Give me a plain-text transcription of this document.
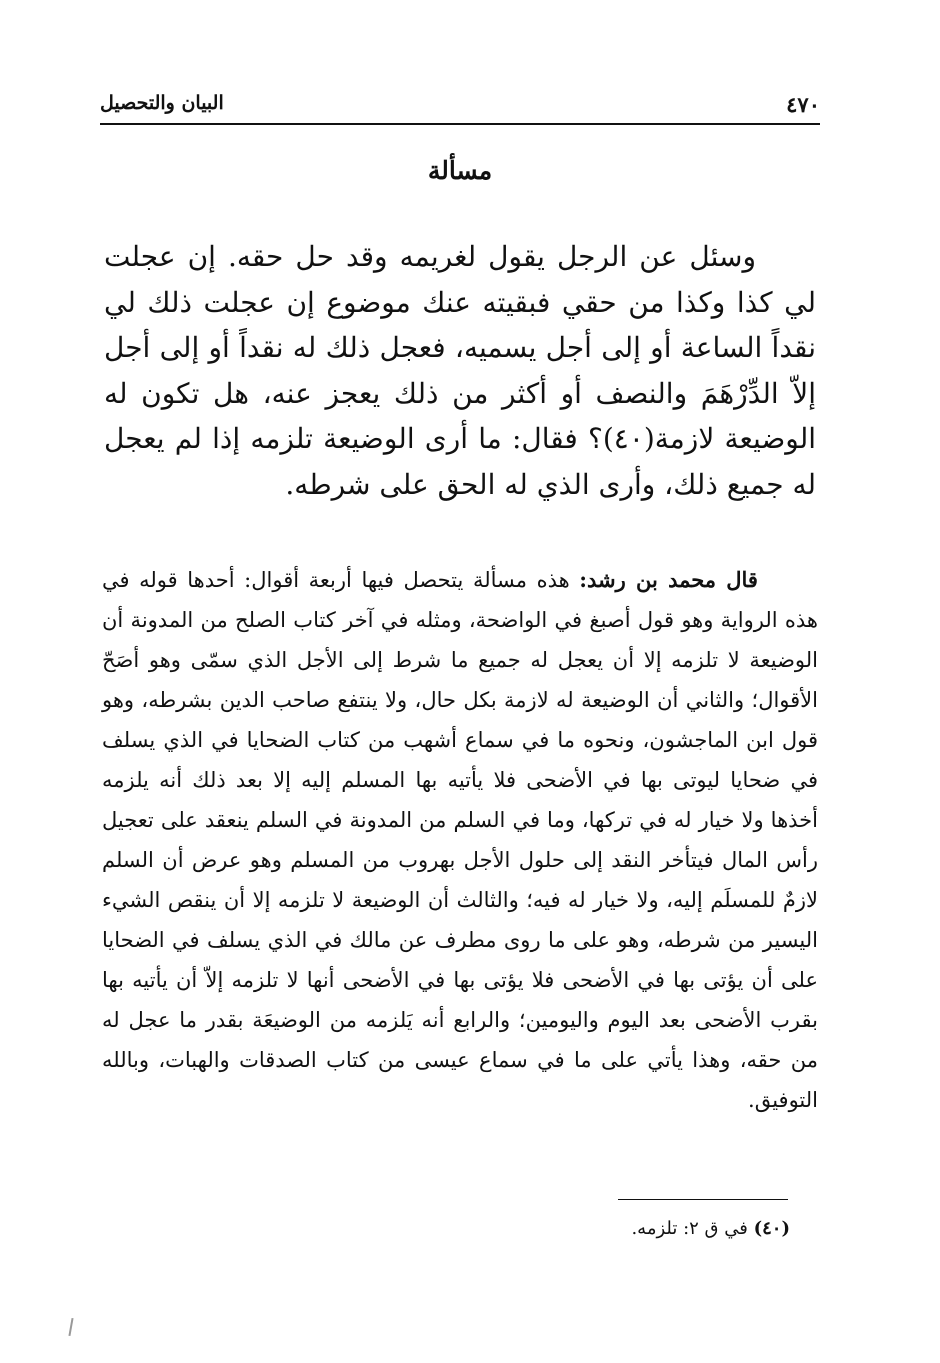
٤٧٠
البيان والتحصيل
مسألة

وسئل عن الرجل يقول لغريمه وقد حل حقه. إن عجلت لي كذا وكذا من حقي فبقيته عنك موضوع إن عجلت ذلك لي نقداً الساعة أو إلى أجل يسميه، فعجل ذلك له نقداً أو إلى أجل إلاّ الدِّرْهَمَ والنصف أو أكثر من ذلك يعجز عنه، هل تكون له الوضيعة لازمة(٤٠)؟ فقال: ما أرى الوضيعة تلزمه إذا لم يعجل له جميع ذلك، وأرى الذي له الحق على شرطه.

قال محمد بن رشد: هذه مسألة يتحصل فيها أربعة أقوال: أحدها قوله في هذه الرواية وهو قول أصبغ في الواضحة، ومثله في آخر كتاب الصلح من المدونة أن الوضيعة لا تلزمه إلا أن يعجل له جميع ما شرط إلى الأجل الذي سمّى وهو أصَحّ الأقوال؛ والثاني أن الوضيعة له لازمة بكل حال، ولا ينتفع صاحب الدين بشرطه، وهو قول ابن الماجشون، ونحوه ما في سماع أشهب من كتاب الضحايا في الذي يسلف في ضحايا ليوتى بها في الأضحى فلا يأتيه بها المسلم إليه إلا بعد ذلك أنه يلزمه أخذها ولا خيار له في تركها، وما في السلم من المدونة في السلم ينعقد على تعجيل رأس المال فيتأخر النقد إلى حلول الأجل بهروب من المسلم وهو عرض أن السلم لازمٌ للمسلَم إليه، ولا خيار له فيه؛ والثالث أن الوضيعة لا تلزمه إلا أن ينقص الشيء اليسير من شرطه، وهو على ما روى مطرف عن مالك في الذي يسلف في الضحايا على أن يؤتى بها في الأضحى فلا يؤتى بها في الأضحى أنها لا تلزمه إلاّ أن يأتيه بها بقرب الأضحى بعد اليوم واليومين؛ والرابع أنه يَلزمه من الوضيعَة بقدر ما عجل له من حقه، وهذا يأتي على ما في سماع عيسى من كتاب الصدقات والهبات، وبالله التوفيق.

(٤٠) في ق ٢: تلزمه.
